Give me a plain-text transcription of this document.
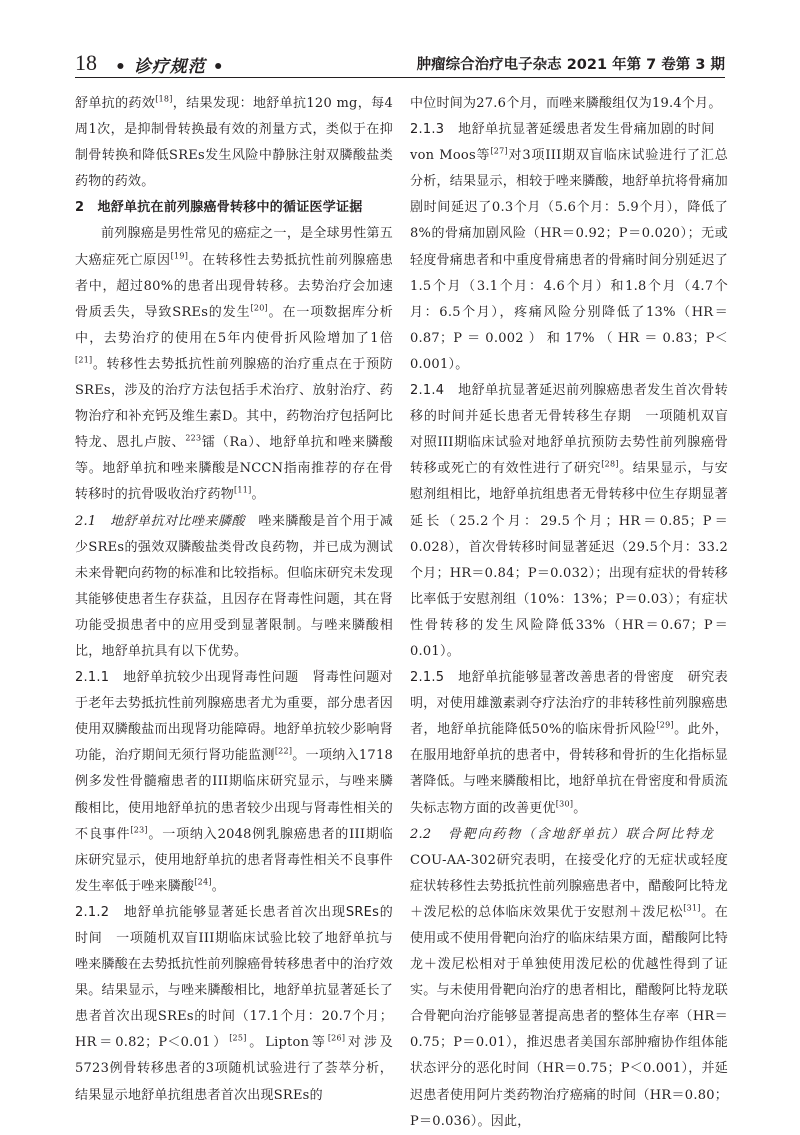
18 • 诊疗规范 •	肿瘤综合治疗电子杂志 2021 年第 7 卷第 3 期

舒单抗的药效[18]，结果发现：地舒单抗120 mg，每4周1次，是抑制骨转换最有效的剂量方式，类似于在抑制骨转换和降低SREs发生风险中静脉注射双膦酸盐类药物的药效。

2　地舒单抗在前列腺癌骨转移中的循证医学证据

前列腺癌是男性常见的癌症之一，是全球男性第五大癌症死亡原因[19]。在转移性去势抵抗性前列腺癌患者中，超过80%的患者出现骨转移。去势治疗会加速骨质丢失，导致SREs的发生[20]。在一项数据库分析中，去势治疗的使用在5年内使骨折风险增加了1倍[21]。转移性去势抵抗性前列腺癌的治疗重点在于预防SREs，涉及的治疗方法包括手术治疗、放射治疗、药物治疗和补充钙及维生素D。其中，药物治疗包括阿比特龙、恩扎卢胺、$^{223}$镭（Ra）、地舒单抗和唑来膦酸等。地舒单抗和唑来膦酸是NCCN指南推荐的存在骨转移时的抗骨吸收治疗药物[11]。

2.1　地舒单抗对比唑来膦酸　唑来膦酸是首个用于减少SREs的强效双膦酸盐类骨改良药物，并已成为测试未来骨靶向药物的标准和比较指标。但临床研究未发现其能够使患者生存获益，且因存在肾毒性问题，其在肾功能受损患者中的应用受到显著限制。与唑来膦酸相比，地舒单抗具有以下优势。

2.1.1　地舒单抗较少出现肾毒性问题　肾毒性问题对于老年去势抵抗性前列腺癌患者尤为重要，部分患者因使用双膦酸盐而出现肾功能障碍。地舒单抗较少影响肾功能，治疗期间无须行肾功能监测[22]。一项纳入1718例多发性骨髓瘤患者的III期临床研究显示，与唑来膦酸相比，使用地舒单抗的患者较少出现与肾毒性相关的不良事件[23]。一项纳入2048例乳腺癌患者的III期临床研究显示，使用地舒单抗的患者肾毒性相关不良事件发生率低于唑来膦酸[24]。

2.1.2　地舒单抗能够显著延长患者首次出现SREs的时间　一项随机双盲III期临床试验比较了地舒单抗与唑来膦酸在去势抵抗性前列腺癌骨转移患者中的治疗效果。结果显示，与唑来膦酸相比，地舒单抗显著延长了患者首次出现SREs的时间（17.1个月：20.7个月；HR＝0.82；P＜0.01）[25]。Lipton等[26]对涉及5723例骨转移患者的3项随机试验进行了荟萃分析，结果显示地舒单抗组患者首次出现SREs的

中位时间为27.6个月，而唑来膦酸组仅为19.4个月。

2.1.3　地舒单抗显著延缓患者发生骨痛加剧的时间　von Moos等[27]对3项III期双盲临床试验进行了汇总分析，结果显示，相较于唑来膦酸，地舒单抗将骨痛加剧时间延迟了0.3个月（5.6个月：5.9个月），降低了8%的骨痛加剧风险（HR＝0.92；P＝0.020）；无或轻度骨痛患者和中重度骨痛患者的骨痛时间分别延迟了1.5个月（3.1个月：4.6个月）和1.8个月（4.7个月：6.5个月），疼痛风险分别降低了13%（HR＝0.87；P＝0.002）和17%（HR＝0.83；P＜0.001）。

2.1.4　地舒单抗显著延迟前列腺癌患者发生首次骨转移的时间并延长患者无骨转移生存期　一项随机双盲对照III期临床试验对地舒单抗预防去势性前列腺癌骨转移或死亡的有效性进行了研究[28]。结果显示，与安慰剂组相比，地舒单抗组患者无骨转移中位生存期显著延长（25.2个月：29.5个月；HR＝0.85；P＝0.028），首次骨转移时间显著延迟（29.5个月：33.2个月；HR＝0.84；P＝0.032）；出现有症状的骨转移比率低于安慰剂组（10%：13%；P＝0.03）；有症状性骨转移的发生风险降低33%（HR＝0.67；P＝0.01）。

2.1.5　地舒单抗能够显著改善患者的骨密度　研究表明，对使用雄激素剥夺疗法治疗的非转移性前列腺癌患者，地舒单抗能降低50%的临床骨折风险[29]。此外，在服用地舒单抗的患者中，骨转移和骨折的生化指标显著降低。与唑来膦酸相比，地舒单抗在骨密度和骨质流失标志物方面的改善更优[30]。

2.2　骨靶向药物（含地舒单抗）联合阿比特龙　COU-AA-302研究表明，在接受化疗的无症状或轻度症状转移性去势抵抗性前列腺癌患者中，醋酸阿比特龙＋泼尼松的总体临床效果优于安慰剂＋泼尼松[31]。在使用或不使用骨靶向治疗的临床结果方面，醋酸阿比特龙＋泼尼松相对于单独使用泼尼松的优越性得到了证实。与未使用骨靶向治疗的患者相比，醋酸阿比特龙联合骨靶向治疗能够显著提高患者的整体生存率（HR＝0.75；P＝0.01），推迟患者美国东部肿瘤协作组体能状态评分的恶化时间（HR＝0.75；P＜0.001），并延迟患者使用阿片类药物治疗癌痛的时间（HR＝0.80；P＝0.036）。因此，
